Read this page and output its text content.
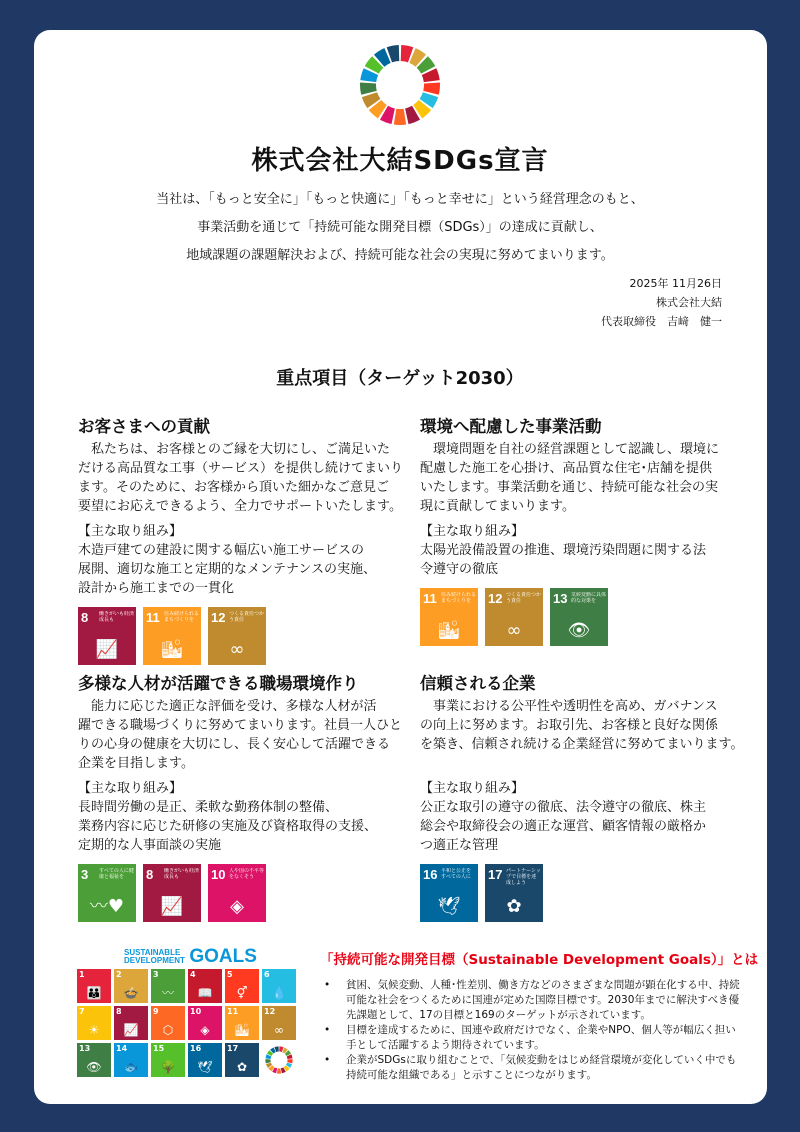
株式会社大結SDGs宣言
当社は、「もっと安全に」「もっと快適に」「もっと幸せに」という経営理念のもと、
事業活動を通じて「持続可能な開発目標（SDGs）」の達成に貢献し、
地域課題の課題解決および、持続可能な社会の実現に努めてまいります。
2025年 11月26日
株式会社大結
代表取締役　吉﨑　健一
重点項目（ターゲット2030）
お客さまへの貢献
　私たちは、お客様とのご縁を大切にし、ご満足いた
だける高品質な工事（サービス）を提供し続けてまいり
ます。そのために、お客様から頂いた細かなご意見ご
要望にお応えできるよう、全力でサポートいたします。
【主な取り組み】
木造戸建ての建設に関する幅広い施工サービスの
展開、適切な施工と定期的なメンテナンスの実施、
設計から施工までの一貫化
8 働きがいも経済成長も
📈
11 住み続けられるまちづくりを
🏙
12 つくる責任つかう責任
∞
環境へ配慮した事業活動
　環境問題を自社の経営課題として認識し、環境に
配慮した施工を心掛け、高品質な住宅･店舗を提供
いたします。事業活動を通じ、持続可能な社会の実
現に貢献してまいります。
【主な取り組み】
太陽光設備設置の推進、環境汚染問題に関する法
令遵守の徹底
11 住み続けられるまちづくりを
🏙
12 つくる責任つかう責任
∞
13 気候変動に具体的な対策を
👁
多様な人材が活躍できる職場環境作り
　能力に応じた適正な評価を受け、多様な人材が活
躍できる職場づくりに努めてまいります。社員一人ひと
りの心身の健康を大切にし、長く安心して活躍できる
企業を目指します。
【主な取り組み】
長時間労働の是正、柔軟な勤務体制の整備、
業務内容に応じた研修の実施及び資格取得の支援、
定期的な人事面談の実施
3 すべての人に健康と福祉を
〰♥
8 働きがいも経済成長も
📈
10 人や国の不平等をなくそう
◈
信頼される企業
　事業における公平性や透明性を高め、ガバナンス
の向上に努めます。お取引先、お客様と良好な関係
を築き、信頼され続ける企業経営に努めてまいります。
【主な取り組み】
公正な取引の遵守の徹底、法令遵守の徹底、株主
総会や取締役会の適正な運営、顧客情報の厳格か
つ適正な管理
16 平和と公正をすべての人に
🕊
17 パートナーシップで目標を達成しよう
✿
SUSTAINABLE
DEVELOPMENT GOALS
1
👪
2
🍲
3
〰
4
📖
5
⚥
6
💧
7
☀
8
📈
9
⬡
10
◈
11
🏙
12
∞
13
👁
14
🐟
15
🌳
16
🕊
17
✿
「持続可能な開発目標（Sustainable Development Goals）」とは
• 貧困、気候変動、人種･性差別、働き方などのさまざまな問題が顕在化する中、持続可能な社会をつくるために国連が定めた国際目標です。2030年までに解決すべき優先課題として、17の目標と169のターゲットが示されています。
• 目標を達成するために、国連や政府だけでなく、企業やNPO、個人等が幅広く担い手として活躍するよう期待されています。
• 企業がSDGsに取り組むことで、「気候変動をはじめ経営環境が変化していく中でも持続可能な組織である」と示すことにつながります。
